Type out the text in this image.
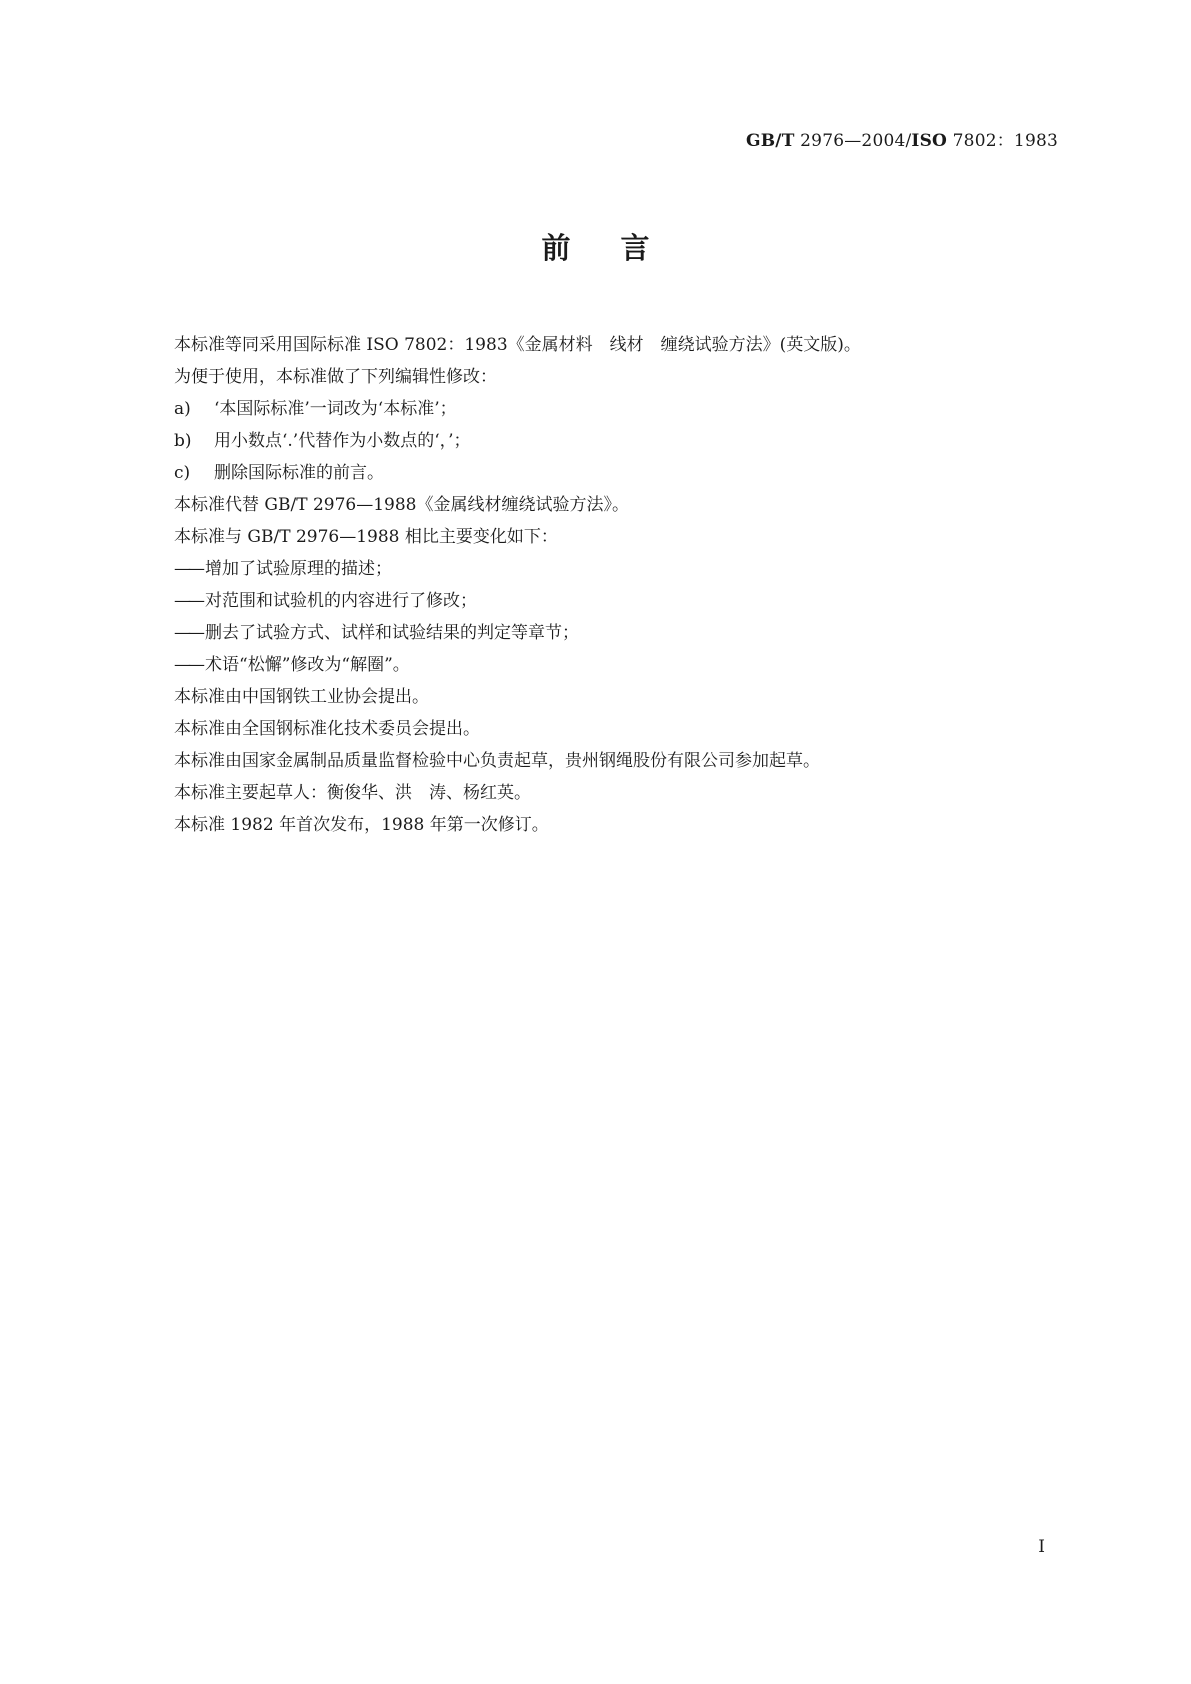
GB/T 2976—2004/ISO 7802：1983
前言
本标准等同采用国际标准 ISO 7802：1983《金属材料　线材　缠绕试验方法》(英文版)。
为便于使用，本标准做了下列编辑性修改：
a) ‘本国际标准’一词改为‘本标准’；
b) 用小数点‘.’代替作为小数点的‘，’；
c) 删除国际标准的前言。
本标准代替 GB/T 2976—1988《金属线材缠绕试验方法》。
本标准与 GB/T 2976—1988 相比主要变化如下：
—— 增加了试验原理的描述；
—— 对范围和试验机的内容进行了修改；
—— 删去了试验方式、试样和试验结果的判定等章节；
—— 术语“松懈”修改为“解圈”。
本标准由中国钢铁工业协会提出。
本标准由全国钢标准化技术委员会提出。
本标准由国家金属制品质量监督检验中心负责起草，贵州钢绳股份有限公司参加起草。
本标准主要起草人：衡俊华、洪　涛、杨红英。
本标准 1982 年首次发布，1988 年第一次修订。
I
